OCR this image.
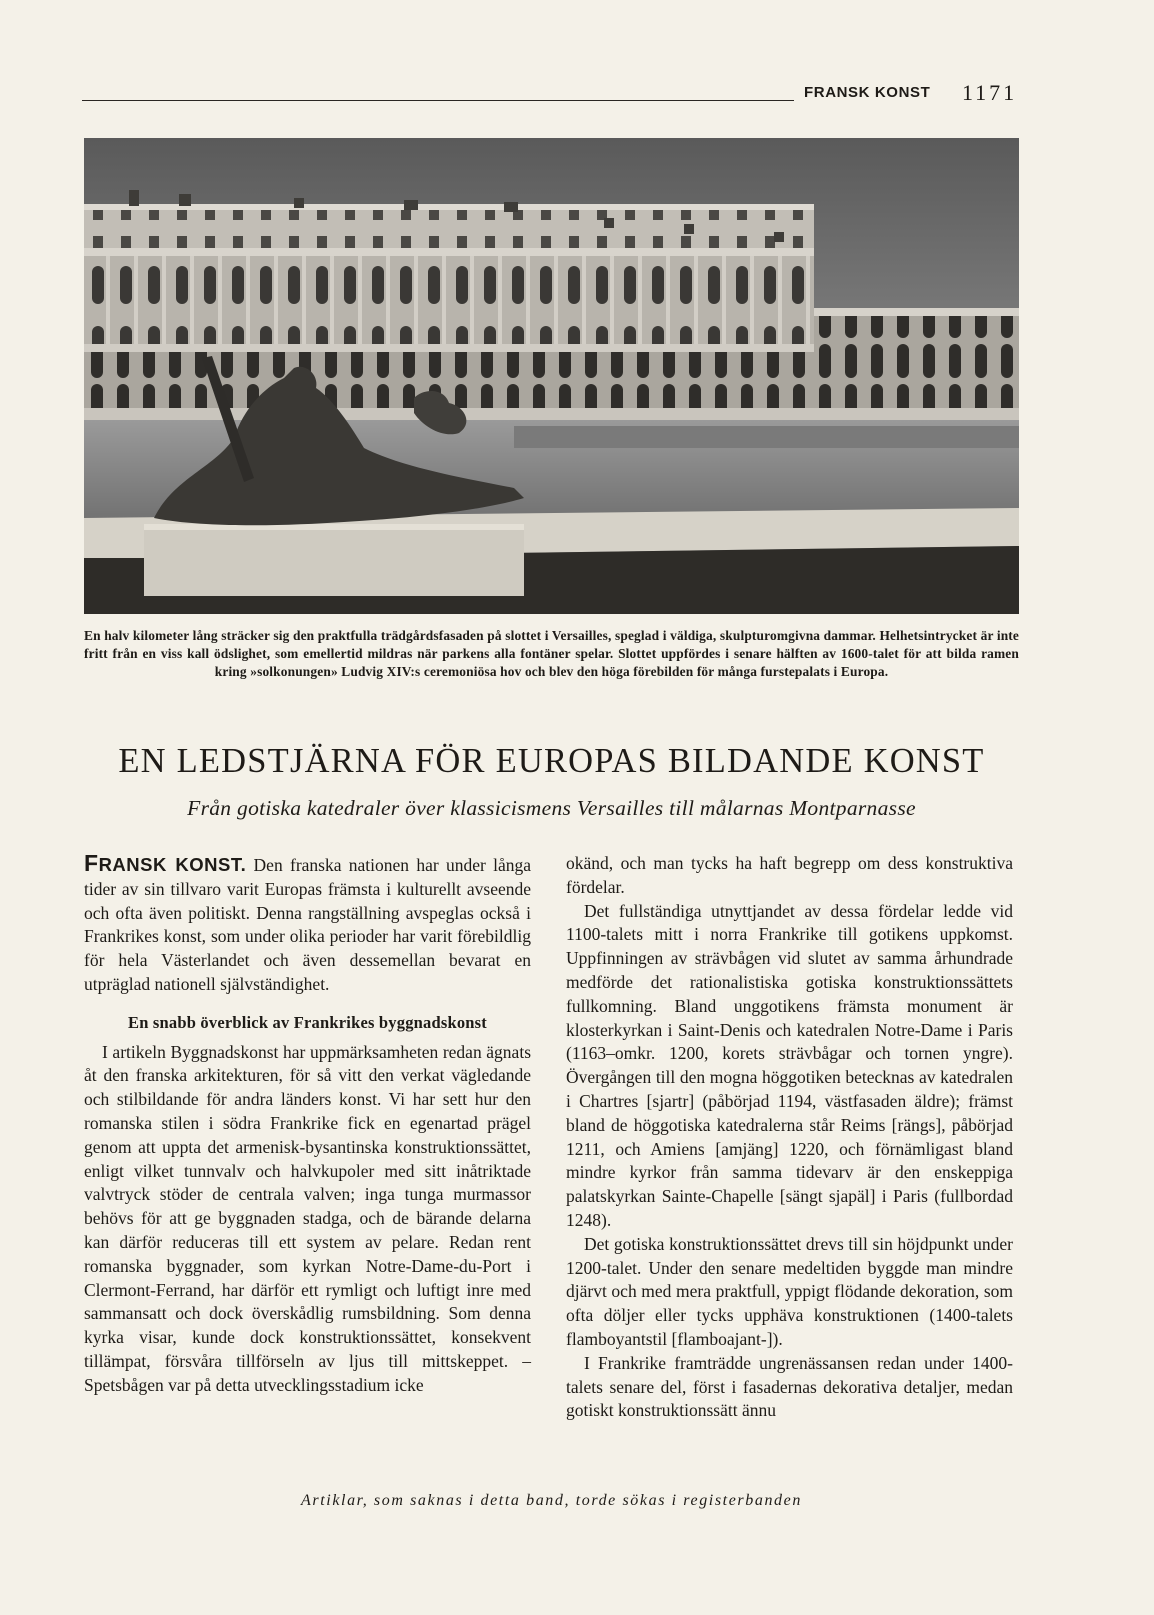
FRANSK KONST 1171
En halv kilometer lång sträcker sig den praktfulla trädgårdsfasaden på slottet i Versailles, speglad i väldiga, skulpturomgivna dammar. Helhetsintrycket är inte fritt från en viss kall ödslighet, som emellertid mildras när parkens alla fontäner spelar. Slottet uppfördes i senare hälften av 1600-talet för att bilda ramen kring »solkonungen» Ludvig XIV:s ceremoniösa hov och blev den höga förebilden för många furstepalats i Europa.
EN LEDSTJÄRNA FÖR EUROPAS BILDANDE KONST
Från gotiska katedraler över klassicismens Versailles till målarnas Montparnasse

FRANSK KONST. Den franska nationen har under långa tider av sin tillvaro varit Europas främsta i kulturellt avseende och ofta även politiskt. Denna rangställning avspeglas också i Frankrikes konst, som under olika perioder har varit förebildlig för hela Västerlandet och även dessemellan bevarat en utpräglad nationell självständighet.

En snabb överblick av Frankrikes byggnadskonst

I artikeln Byggnadskonst har uppmärksamheten redan ägnats åt den franska arkitekturen, för så vitt den verkat vägledande och stilbildande för andra länders konst. Vi har sett hur den romanska stilen i södra Frankrike fick en egenartad prägel genom att uppta det armenisk-bysantinska konstruktionssättet, enligt vilket tunnvalv och halvkupoler med sitt inåtriktade valvtryck stöder de centrala valven; inga tunga murmassor behövs för att ge byggnaden stadga, och de bärande delarna kan därför reduceras till ett system av pelare. Redan rent romanska byggnader, som kyrkan Notre-Dame-du-Port i Clermont-Ferrand, har därför ett rymligt och luftigt inre med sammansatt och dock överskådlig rumsbildning. Som denna kyrka visar, kunde dock konstruktionssättet, konsekvent tillämpat, försvåra tillförseln av ljus till mittskeppet. – Spetsbågen var på detta utvecklingsstadium icke

okänd, och man tycks ha haft begrepp om dess konstruktiva fördelar.

Det fullständiga utnyttjandet av dessa fördelar ledde vid 1100-talets mitt i norra Frankrike till gotikens uppkomst. Uppfinningen av strävbågen vid slutet av samma århundrade medförde det rationalistiska gotiska konstruktionssättets fullkomning. Bland unggotikens främsta monument är klosterkyrkan i Saint-Denis och katedralen Notre-Dame i Paris (1163–omkr. 1200, korets strävbågar och tornen yngre). Övergången till den mogna höggotiken betecknas av katedralen i Chartres [sjartr] (påbörjad 1194, västfasaden äldre); främst bland de höggotiska katedralerna står Reims [rängs], påbörjad 1211, och Amiens [amjäng] 1220, och förnämligast bland mindre kyrkor från samma tidevarv är den enskeppiga palatskyrkan Sainte-Chapelle [sängt sjapäl] i Paris (fullbordad 1248).

Det gotiska konstruktionssättet drevs till sin höjdpunkt under 1200-talet. Under den senare medeltiden byggde man mindre djärvt och med mera praktfull, yppigt flödande dekoration, som ofta döljer eller tycks upphäva konstruktionen (1400-talets flamboyantstil [flamboajant-]).

I Frankrike framträdde ungrenässansen redan under 1400-talets senare del, först i fasadernas dekorativa detaljer, medan gotiskt konstruktionssätt ännu

Artiklar, som saknas i detta band, torde sökas i registerbanden
